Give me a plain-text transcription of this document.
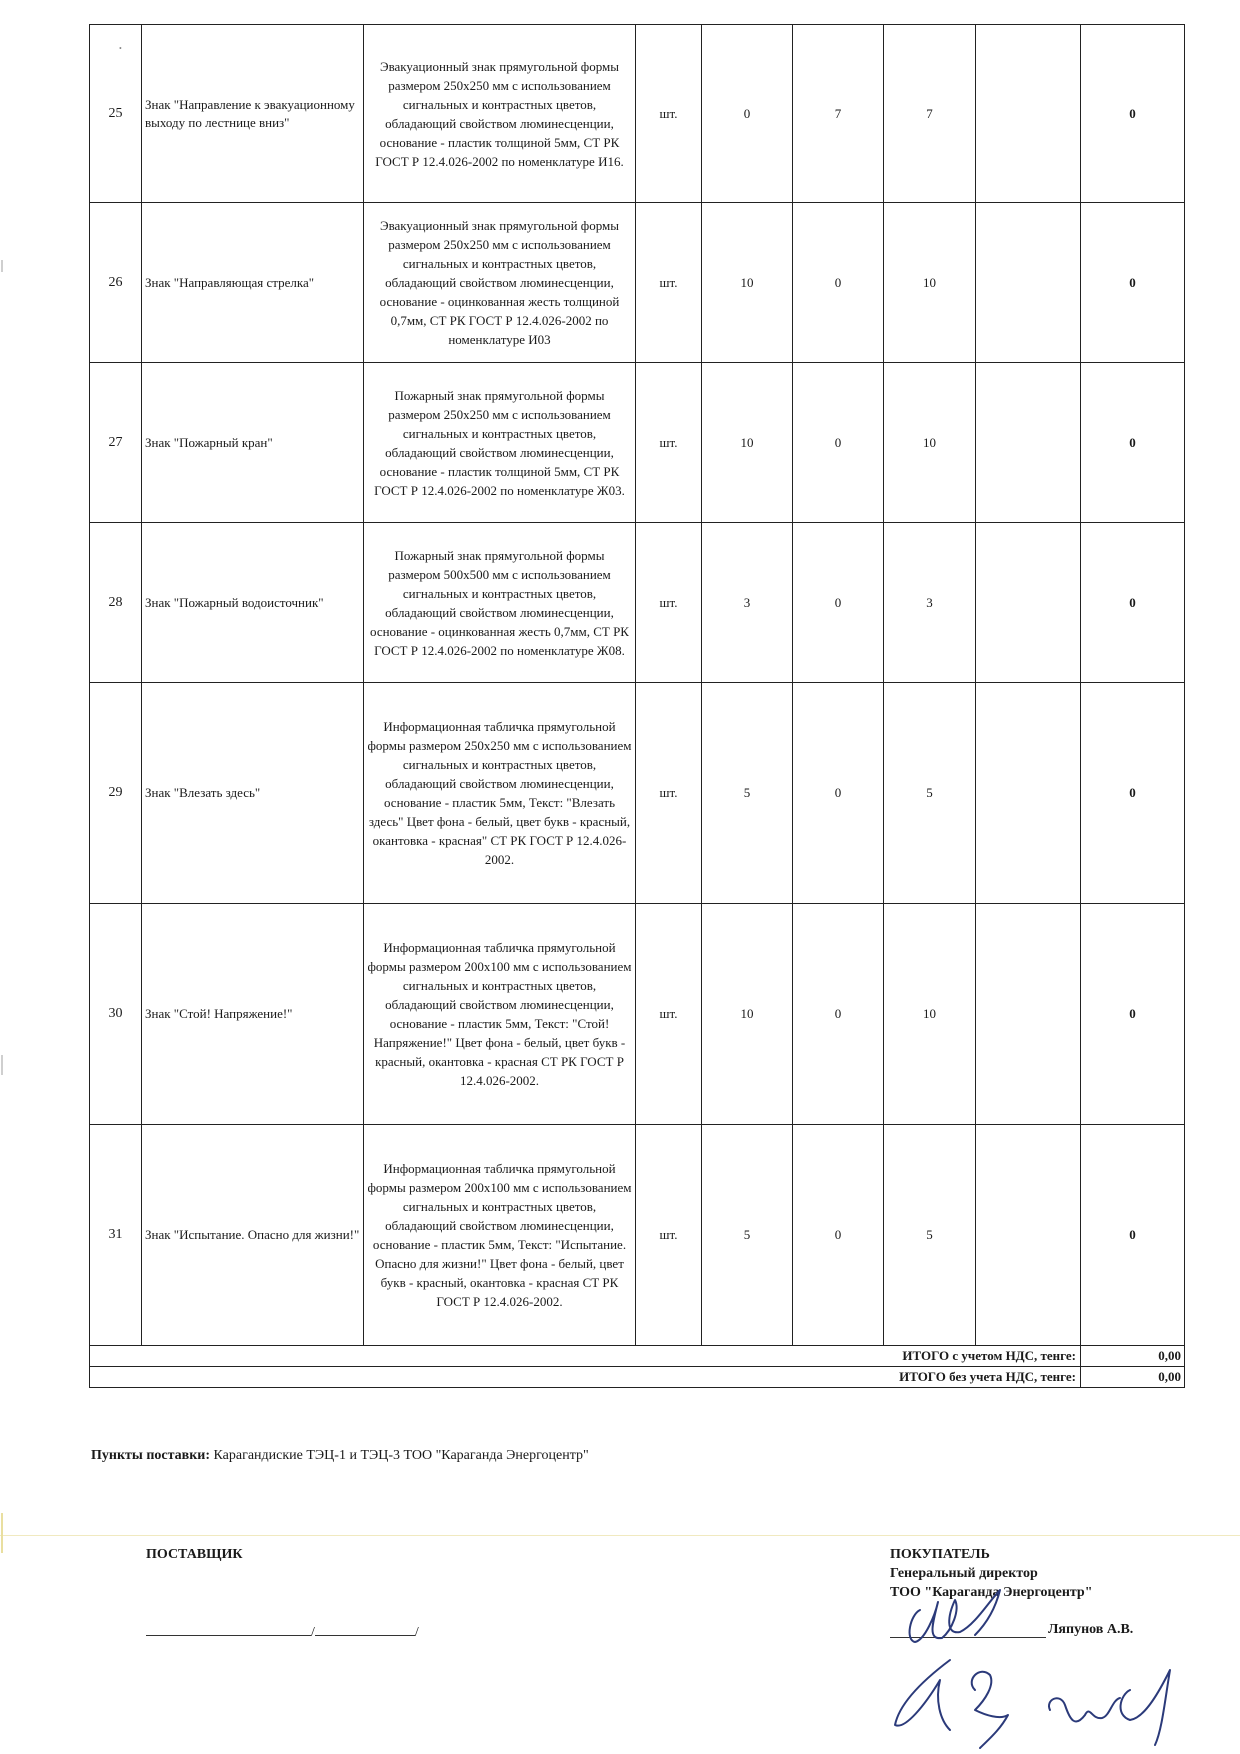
•
25	Знак "Направление к эвакуационному выходу по лестнице вниз"	Эвакуационный знак прямугольной формы размером 250х250 мм с использованием сигнальных и контрастных цветов, обладающий свойством люминесценции, основание - пластик толщиной 5мм, СТ РК ГОСТ Р 12.4.026-2002 по номенклатуре И16.	шт.	0	7	7		0
26	Знак "Направляющая стрелка"	Эвакуационный знак прямугольной формы размером 250х250 мм с использованием сигнальных и контрастных цветов, обладающий свойством люминесценции, основание - оцинкованная жесть толщиной 0,7мм, СТ РК ГОСТ Р 12.4.026-2002 по номенклатуре И03	шт.	10	0	10		0
27	Знак "Пожарный кран"	Пожарный знак прямугольной формы размером 250х250 мм с использованием сигнальных и контрастных цветов, обладающий свойством люминесценции, основание - пластик толщиной 5мм, СТ РК ГОСТ Р 12.4.026-2002 по номенклатуре Ж03.	шт.	10	0	10		0
28	Знак "Пожарный водоисточник"	Пожарный знак прямугольной формы размером 500х500 мм с использованием сигнальных и контрастных цветов, обладающий свойством люминесценции, основание - оцинкованная жесть 0,7мм, СТ РК ГОСТ Р 12.4.026-2002 по номенклатуре Ж08.	шт.	3	0	3		0
29	Знак "Влезать здесь"	Информационная табличка прямугольной формы размером 250х250 мм с использованием сигнальных и контрастных цветов, обладающий свойством люминесценции, основание - пластик 5мм, Текст: "Влезать здесь" Цвет фона - белый, цвет букв - красный, окантовка - красная" СТ РК ГОСТ Р 12.4.026-2002.	шт.	5	0	5		0
30	Знак "Стой! Напряжение!"	Информационная табличка прямугольной формы размером 200х100 мм с использованием сигнальных и контрастных цветов, обладающий свойством люминесценции, основание - пластик 5мм, Текст: "Стой! Напряжение!" Цвет фона - белый, цвет букв - красный, окантовка - красная СТ РК ГОСТ Р 12.4.026-2002.	шт.	10	0	10		0
31	Знак "Испытание. Опасно для жизни!"	Информационная табличка прямугольной формы размером 200х100 мм с использованием сигнальных и контрастных цветов, обладающий свойством люминесценции, основание - пластик 5мм, Текст: "Испытание. Опасно для жизни!" Цвет фона - белый, цвет букв - красный, окантовка - красная СТ РК ГОСТ Р 12.4.026-2002.	шт.	5	0	5		0
ИТОГО с учетом НДС, тенге:								0,00
ИТОГО без учета НДС, тенге:								0,00
Пункты поставки: Карагандиские ТЭЦ-1 и ТЭЦ-3 ТОО "Караганда Энергоцентр"
ПОСТАВЩИК
/	/
ПОКУПАТЕЛЬ
Генеральный директор
ТОО "Караганда Энергоцентр"
Ляпунов А.В.
